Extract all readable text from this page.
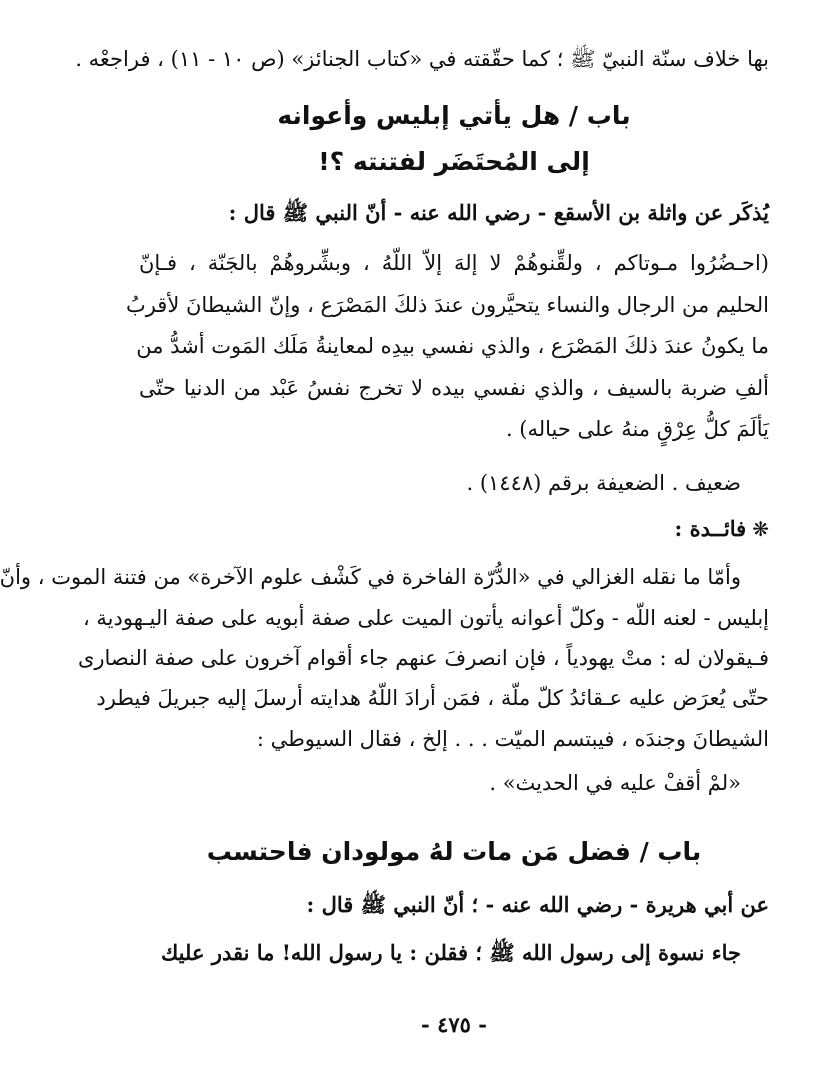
بها خلاف سنّة النبيّ ﷺ ؛ كما حقّقته في «كتاب الجنائز» (ص ١٠ - ١١) ، فراجعْه .
باب / هل يأتي إبليس وأعوانه
إلى المُحتَضَر لفتنته ؟!
يُذكَر عن واثلة بن الأسقع - رضي الله عنه - أنّ النبي ﷺ قال :
(احـضُرُوا مـوتاكم ، ولقِّنوهُمْ لا إلهَ إلاّ اللّهُ ، وبشِّروهُمْ بالجَنّة ، فـإنّ
الحليم من الرجال والنساء يتحيَّرون عندَ ذلكَ المَصْرَع ، وإنّ الشيطانَ لأقربُ
ما يكونُ عندَ ذلكَ المَصْرَع ، والذي نفسي بيدِه لمعاينةُ مَلَك المَوت أشدُّ من
ألفِ ضربة بالسيف ، والذي نفسي بيده لا تخرج نفسُ عَبْد من الدنيا حتّى
يَألَمَ كلُّ عِرْقٍ منهُ على حياله) .
ضعيف . الضعيفة برقم (١٤٤٨) .
❋فائــدة :
وأمّا ما نقله الغزالي في «الدُّرّة الفاخرة في كَشْف علوم الآخرة» من فتنة الموت ، وأنّ
إبليس - لعنه اللّه - وكلّ أعوانه يأتون الميت على صفة أبويه على صفة اليـهودية ،
فـيقولان له : متْ يهودياً ، فإن انصرفَ عنهم جاء أقوام آخرون على صفة النصارى
حتّى يُعرَض عليه عـقائدُ كلّ ملّة ، فمَن أرادَ اللّهُ هدايته أرسلَ إليه جبريلَ فيطرد
الشيطانَ وجندَه ، فيبتسم الميّت . . . إلخ ، فقال السيوطي :
«لمْ أقفْ عليه في الحديث» .
باب / فضل مَن مات لهُ مولودان فاحتسب
عن أبي هريرة - رضي الله عنه - ؛ أنّ النبي ﷺ قال :
جاء نسوة إلى رسول الله ﷺ ؛ فقلن : يا رسول الله! ما نقدر عليك
- ٤٧٥ -
